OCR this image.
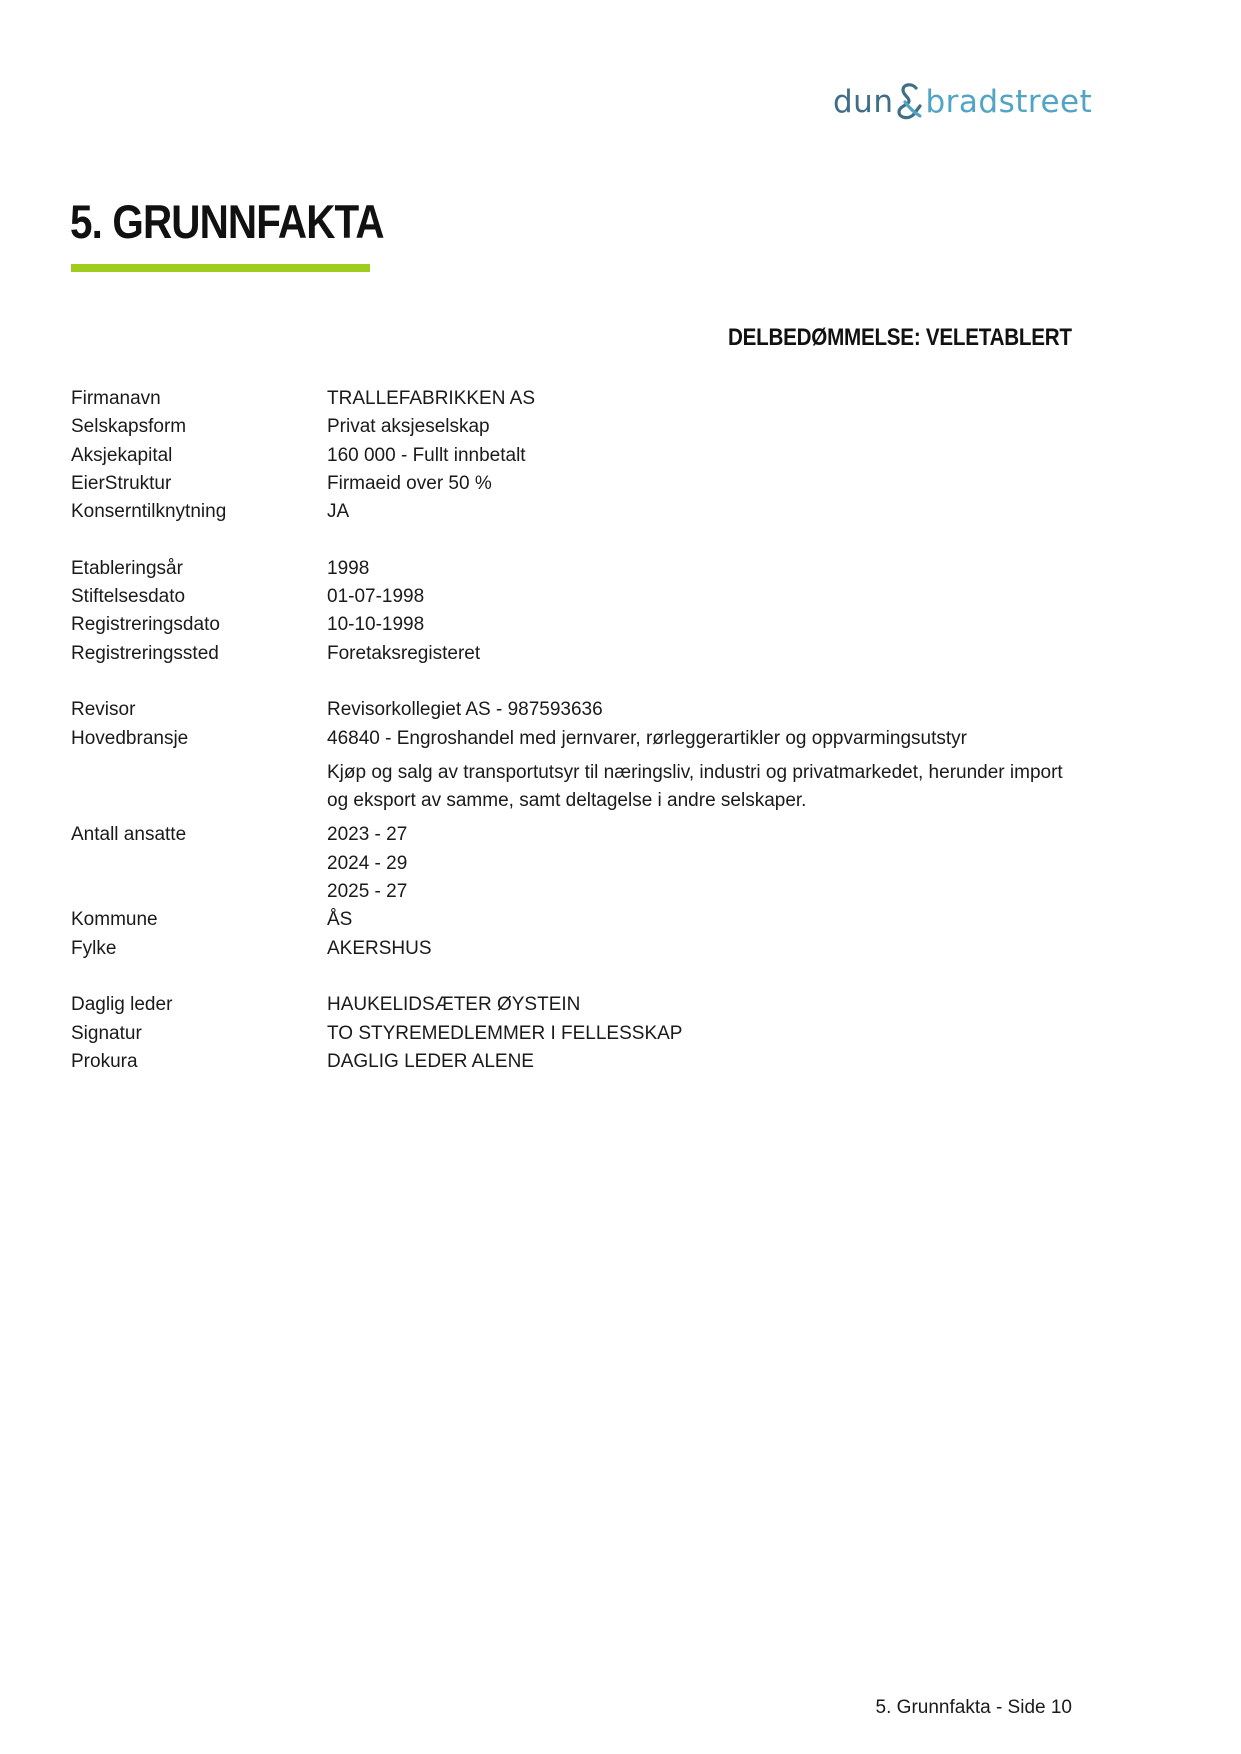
dun bradstreet
5. GRUNNFAKTA
DELBEDØMMELSE: VELETABLERT
Firmanavn	TRALLEFABRIKKEN AS
Selskapsform	Privat aksjeselskap
Aksjekapital	160 000 - Fullt innbetalt
EierStruktur	Firmaeid over 50 %
Konserntilknytning	JA
Etableringsår	1998
Stiftelsesdato	01-07-1998
Registreringsdato	10-10-1998
Registreringssted	Foretaksregisteret
Revisor	Revisorkollegiet AS - 987593636
Hovedbransje	46840 - Engroshandel med jernvarer, rørleggerartikler og oppvarmingsutstyr
Kjøp og salg av transportutsyr til næringsliv, industri og privatmarkedet, herunder import og eksport av samme, samt deltagelse i andre selskaper.
Antall ansatte	2023 - 27
2024 - 29
2025 - 27
Kommune	ÅS
Fylke	AKERSHUS
Daglig leder	HAUKELIDSÆTER ØYSTEIN
Signatur	TO STYREMEDLEMMER I FELLESSKAP
Prokura	DAGLIG LEDER ALENE
5. Grunnfakta - Side 10
